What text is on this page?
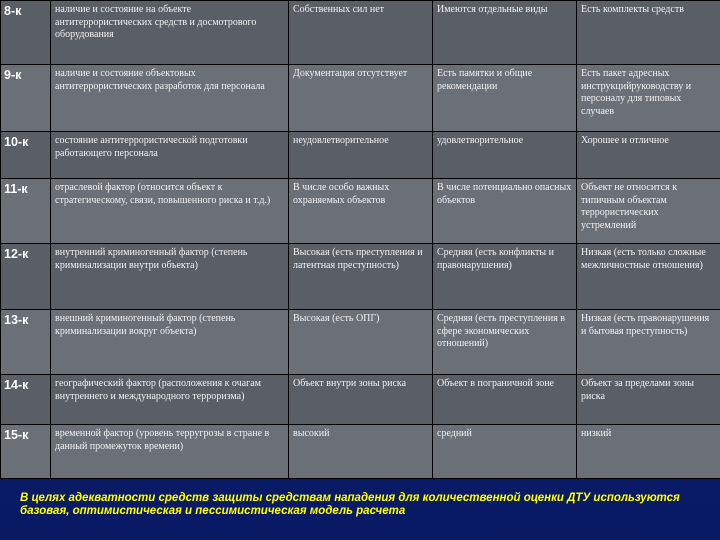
8-к	наличие и состояние на объекте антитеррористических средств и досмотрового оборудования	Собственных сил нет	Имеются отдельные виды	Есть комплекты средств
9-к	наличие и состояние объектовых антитеррористических разработок для персонала	Документация отсутствует	Есть памятки и общие рекомендации	Есть пакет адресных инструкцийруководству и персоналу для типовых случаев
10-к	состояние антитеррористической подготовки работающего персонала	неудовлетворительное	удовлетворительное	Хорошее и отличное
11-к	отраслевой фактор (относится объект к стратегическому, связи, повышенного риска и т.д.)	В числе особо важных охраняемых объектов	В числе потенциально опасных объектов	Объект не относится к типичным объектам террористических устремлений
12-к	внутренний криминогенный фактор (степень криминализации внутри объекта)	Высокая (есть преступления и латентная преступность)	Средняя (есть конфликты и правонарушения)	Низкая (есть только сложные межличностные отношения)
13-к	внешний криминогенный фактор (степень криминализации вокруг объекта)	Высокая (есть ОПГ)	Средняя (есть преступления в сфере экономических отношений)	Низкая (есть правонарушения и бытовая преступность)
14-к	географический фактор (расположения к очагам внутреннего и международного терроризма)	Объект внутри зоны риска	Объект в пограничной зоне	Объект за пределами зоны риска
15-к	временной фактор (уровень терругрозы в стране в данный промежуток времени)	высокий	средний	низкий
В целях адекватности средств защиты средствам нападения для количественной оценки ДТУ используются базовая, оптимистическая и пессимистическая модель расчета
